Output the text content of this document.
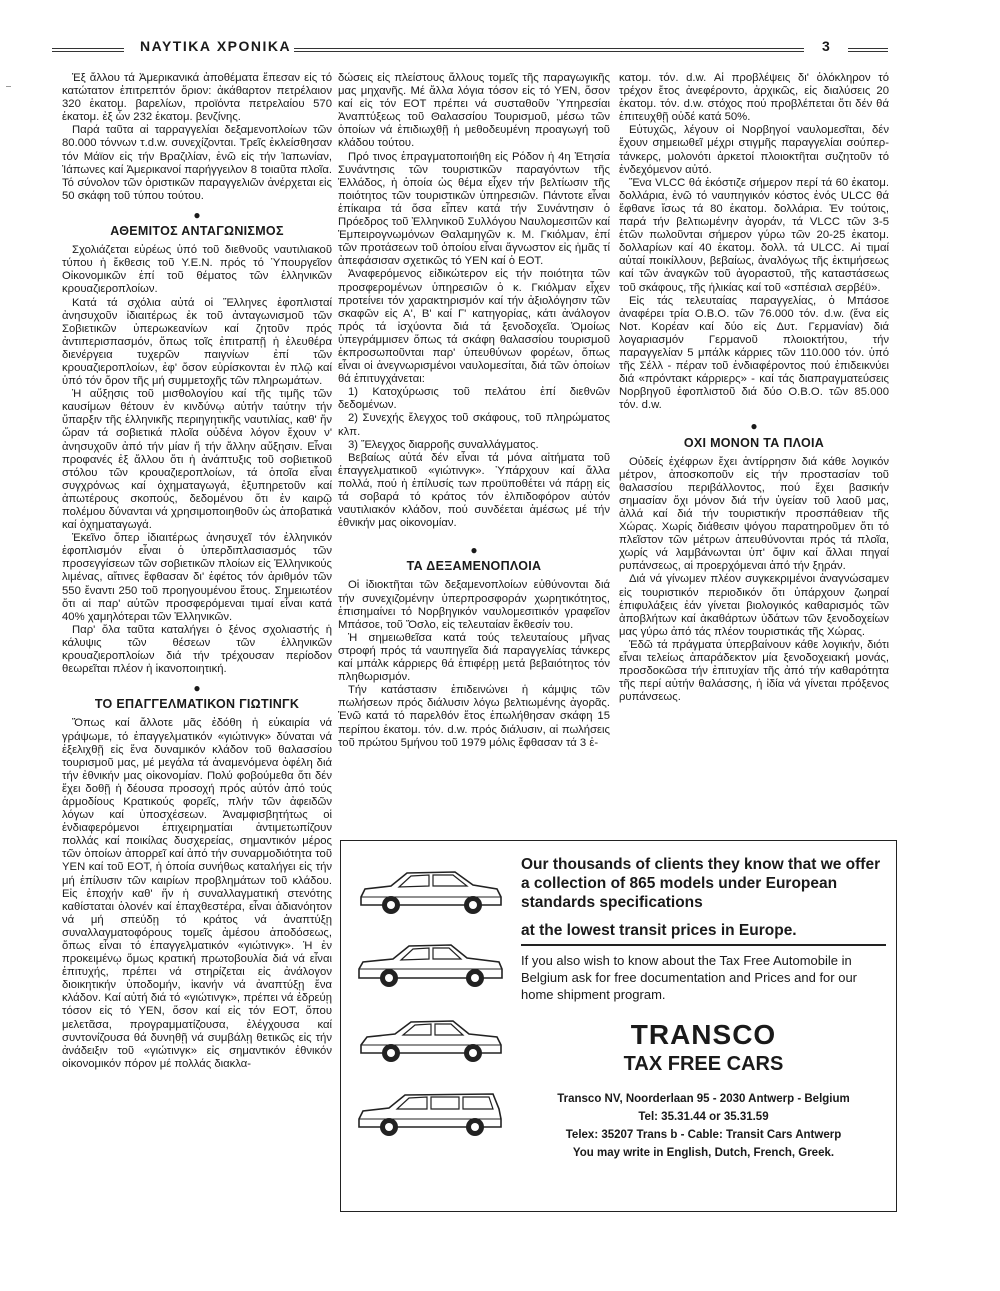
ΝΑΥΤΙΚΑ ΧΡΟΝΙΚΑ	3

Ἐξ ἄλλου τά Ἀμερικανικά ἀποθέματα ἔπεσαν εἰς τό κατώτατον ἐπιτρεπτόν ὅριον: ἀκάθαρτον πετρέλαιον 320 ἑκατομ. βαρελίων, προϊόντα πετρελαίου 570 ἑκατομ. ἐξ ὧν 232 ἑκατομ. βενζίνης.

Παρά ταῦτα αἱ ταρραγγελίαι δεξαμενοπλοίων τῶν 80.000 τόννων τ.d.w. συνεχίζονται. Τρεῖς ἐκλείσθησαν τόν Μάϊον εἰς τήν Βραζιλίαν, ἐνῶ εἰς τήν Ἰαπωνίαν, Ἰάπωνες καί Ἀμερικανοί παρήγγειλον 8 τοιαῦτα πλοῖα. Τό σύνολον τῶν ὁριστικῶν παραγγελιῶν ἀνέρχεται εἰς 50 σκάφη τοῦ τύπου τούτου.

●
ΑΘΕΜΙΤΟΣ ΑΝΤΑΓΩΝΙΣΜΟΣ

Σχολιάζεται εὐρέως ὑπό τοῦ διεθνοῦς ναυτιλιακοῦ τύπου ἡ ἔκθεσις τοῦ Υ.Ε.Ν. πρός τό Ὑπουργεῖον Οἰκονομικῶν ἐπί τοῦ θέματος τῶν ἑλληνικῶν κρουαζιεροπλοίων.

Κατά τά σχόλια αὐτά οἱ Ἕλληνες ἐφοπλισταί ἀνησυχοῦν ἰδιαιτέρως ἐκ τοῦ ἀνταγωνισμοῦ τῶν Σοβιετικῶν ὑπερωκεανίων καί ζητοῦν πρός ἀντιπερισπασμόν, ὅπως τοῖς ἐπιτραπῇ ἡ ἐλευθέρα διενέργεια τυχερῶν παιγνίων ἐπί τῶν κρουαζιεροπλοίων, ἐφ' ὅσον εὑρίσκονται ἐν πλῷ καί ὑπό τόν ὅρον τῆς μή συμμετοχῆς τῶν πληρωμάτων.

Ἡ αὔξησις τοῦ μισθολογίου καί τῆς τιμῆς τῶν καυσίμων θέτουν ἐν κινδύνῳ αὐτήν ταύτην τήν ὕπαρξιν τῆς ἑλληνικῆς περιηγητικῆς ναυτιλίας, καθ' ἥν ὥραν τά σοβιετικά πλοῖα οὐδένα λόγον ἔχουν ν' ἀνησυχοῦν ἀπό τήν μίαν ἤ τήν ἄλλην αὔξησιν. Εἶναι προφανές ἐξ ἄλλου ὅτι ἡ ἀνάπτυξις τοῦ σοβιετικοῦ στόλου τῶν κρουαζιεροπλοίων, τά ὁποῖα εἶναι συγχρόνως καί ὀχηματαγωγά, ἐξυπηρετοῦν καί ἀπωτέρους σκοπούς, δεδομένου ὅτι ἐν καιρῷ πολέμου δύνανται νά χρησιμοποιηθοῦν ὡς ἀποβατικά καί ὀχηματαγωγά.

Ἐκεῖνο ὅπερ ἰδιαιτέρως ἀνησυχεῖ τόν ἑλληνικόν ἐφοπλισμόν εἶναι ὁ ὑπερδιπλασιασμός τῶν προσεγγίσεων τῶν σοβιετικῶν πλοίων εἰς Ἑλληνικούς λιμένας, αἵτινες ἔφθασαν δι' ἐφέτος τόν ἀριθμόν τῶν 550 ἔναντι 250 τοῦ προηγουμένου ἔτους. Σημειωτέον ὅτι αἱ παρ' αὐτῶν προσφερόμεναι τιμαί εἶναι κατά 40% χαμηλότεραι τῶν Ἑλληνικῶν.

Παρ' ὅλα ταῦτα καταλήγει ὁ ξένος σχολιαστής ἡ κάλυψις τῶν θέσεων τῶν ἑλληνικῶν κρουαζιεροπλοίων διά τήν τρέχουσαν περίοδον θεωρεῖται πλέον ἡ ἱκανοποιητική.

●
ΤΟ ΕΠΑΓΓΕΛΜΑΤΙΚΟΝ ΓΙΩΤΙΝΓΚ

Ὅπως καί ἄλλοτε μᾶς ἐδόθη ἡ εὐκαιρία νά γράψωμε, τό ἐπαγγελματικόν «γιώτινγκ» δύναται νά ἐξελιχθῇ εἰς ἕνα δυναμικόν κλάδον τοῦ θαλασσίου τουρισμοῦ μας, μέ μεγάλα τά ἀναμενόμενα ὀφέλη διά τήν ἐθνικήν μας οἰκονομίαν. Πολύ φοβούμεθα ὅτι δέν ἔχει δοθῇ ἡ δέουσα προσοχή πρός αὐτόν ἀπό τούς ἁρμοδίους Κρατικούς φορεῖς, πλήν τῶν ἀφειδῶν λόγων καί ὑποσχέσεων. Ἀναμφισβητήτως οἱ ἐνδιαφερόμενοι ἐπιχειρηματίαι ἀντιμετωπίζουν πολλάς καί ποικίλας δυσχερείας, σημαντικόν μέρος τῶν ὁποίων ἀπορρεῖ καί ἀπό τήν συναρμοδιότητα τοῦ ΥΕΝ καί τοῦ ΕΟΤ, ἡ ὁποία συνήθως καταλήγει εἰς τήν μή ἐπίλυσιν τῶν καιρίων προβλημάτων τοῦ κλάδου. Εἰς ἐποχήν καθ' ἥν ἡ συναλλαγματική στενότης καθίσταται ὁλονέν καί ἐπαχθεστέρα, εἶναι ἀδιανόητον νά μή σπεύδῃ τό κράτος νά ἀναπτύξῃ συναλλαγματοφόρους τομεῖς ἀμέσου ἀποδόσεως, ὅπως εἶναι τό ἐπαγγελματικόν «γιώτινγκ». Ἡ ἐν προκειμένῳ ὅμως κρατική πρωτοβουλία διά νά εἶναι ἐπιτυχής, πρέπει νά στηρίζεται εἰς ἀνάλογον διοικητικήν ὑποδομήν, ἱκανήν νά ἀναπτύξῃ ἕνα κλάδον. Καί αὐτή διά τό «γιώτινγκ», πρέπει νά ἑδρεύῃ τόσον εἰς τό ΥΕΝ, ὅσον καί εἰς τόν ΕΟΤ, ὅπου μελετᾶσα, προγραμματίζουσα, ἐλέγχουσα καί συντονίζουσα θά δυνηθῇ νά συμβάλῃ θετικῶς εἰς τήν ἀνάδειξιν τοῦ «γιώτινγκ» εἰς σημαντικόν ἐθνικόν οἰκονομικόν πόρον μέ πολλάς διακλα-

δώσεις εἰς πλείστους ἄλλους τομεῖς τῆς παραγωγικῆς μας μηχανῆς. Μέ ἄλλα λόγια τόσον εἰς τό ΥΕΝ, ὅσον καί εἰς τόν ΕΟΤ πρέπει νά συσταθοῦν Ὑπηρεσίαι Ἀναπτύξεως τοῦ Θαλασσίου Τουρισμοῦ, μέσω τῶν ὁποίων νά ἐπιδιωχθῇ ἡ μεθοδευμένη προαγωγή τοῦ κλάδου τούτου.

Πρό τινος ἐπραγματοποιήθη εἰς Ρόδον ἡ 4η Ἐτησία Συνάντησις τῶν τουριστικῶν παραγόντων τῆς Ἑλλάδος, ἡ ὁποία ὡς θέμα εἶχεν τήν βελτίωσιν τῆς ποιότητος τῶν τουριστικῶν ὑπηρεσιῶν. Πάντοτε εἶναι ἐπίκαιρα τά ὅσα εἶπεν κατά τήν Συνάντησιν ὁ Πρόεδρος τοῦ Ἑλληνικοῦ Συλλόγου Ναυλομεσιτῶν καί Ἐμπειρογνωμόνων Θαλαμηγῶν κ. Μ. Γκιόλμαν, ἐπί τῶν προτάσεων τοῦ ὁποίου εἶναι ἄγνωστον εἰς ἡμᾶς τί ἀπεφάσισαν σχετικῶς τό ΥΕΝ καί ὁ ΕΟΤ.

Ἀναφερόμενος εἰδικώτερον εἰς τήν ποιότητα τῶν προσφερομένων ὑπηρεσιῶν ὁ κ. Γκιόλμαν εἶχεν προτείνει τόν χαρακτηρισμόν καί τήν ἀξιολόγησιν τῶν σκαφῶν εἰς Α', Β' καί Γ' κατηγορίας, κάτι ἀνάλογον πρός τά ἰσχύοντα διά τά ξενοδοχεῖα. Ὁμοίως ὑπεγράμμισεν ὅπως τά σκάφη θαλασσίου τουρισμοῦ ἐκπροσωποῦνται παρ' ὑπευθύνων φορέων, ὅπως εἶναι οἱ ἀνεγνωρισμένοι ναυλομεσίται, διά τῶν ὁποίων θά ἐπιτυγχάνεται:

1) Κατοχύρωσις τοῦ πελάτου ἐπί διεθνῶν δεδομένων.

2) Συνεχής ἔλεγχος τοῦ σκάφους, τοῦ πληρώματος κλπ.

3) Ἔλεγχος διαρροῆς συναλλάγματος.

Βεβαίως αὐτά δέν εἶναι τά μόνα αἰτήματα τοῦ ἐπαγγελματικοῦ «γιώτινγκ». Ὑπάρχουν καί ἄλλα πολλά, πού ἡ ἐπίλυσίς των προϋποθέτει νά πάρῃ εἰς τά σοβαρά τό κράτος τόν ἐλπιδοφόρον αὐτόν ναυτιλιακόν κλάδον, πού συνδέεται ἀμέσως μέ τήν ἐθνικήν μας οἰκονομίαν.

●
ΤΑ ΔΕΞΑΜΕΝΟΠΛΟΙΑ

Οἱ ἰδιοκτῆται τῶν δεξαμενοπλοίων εὐθύνονται διά τήν συνεχιζομένην ὑπερπροσφοράν χωρητικότητος, ἐπισημαίνει τό Νορβηγικόν ναυλομεσιτικόν γραφεῖον Μπάσοε, τοῦ Ὄσλο, εἰς τελευταίαν ἔκθεσίν του.

Ἡ σημειωθεῖσα κατά τούς τελευταίους μῆνας στροφή πρός τά ναυπηγεῖα διά παραγγελίας τάνκερς καί μπάλκ κάρριερς θά ἐπιφέρῃ μετά βεβαιότητος τόν πληθωρισμόν.

Τήν κατάστασιν ἐπιδεινώνει ἡ κάμψις τῶν πωλήσεων πρός διάλυσιν λόγω βελτιωμένης ἀγορᾶς. Ἐνῶ κατά τό παρελθόν ἔτος ἐπωλήθησαν σκάφη 15 περίπου ἑκατομ. τόν. d.w. πρός διάλυσιν, αἱ πωλήσεις τοῦ πρώτου 5μήνου τοῦ 1979 μόλις ἔφθασαν τά 3 ἑ-

κατομ. τόν. d.w. Αἱ προβλέψεις δι' ὁλόκληρον τό τρέχον ἔτος ἀνεφέροντο, ἀρχικῶς, εἰς διαλύσεις 20 ἑκατομ. τόν. d.w. στόχος πού προβλέπεται ὅτι δέν θά ἐπιτευχθῇ οὐδέ κατά 50%.

Εὐτυχῶς, λέγουν οἱ Νορβηγοί ναυλομεσῖται, δέν ἔχουν σημειωθεῖ μέχρι στιγμῆς παραγγελίαι σούπερ-τάνκερς, μολονότι ἀρκετοί πλοιοκτῆται συζητοῦν τό ἐνδεχόμενον αὐτό.

Ἕνα VLCC θά ἐκόστιζε σήμερον περί τά 60 ἑκατομ. δολλάρια, ἐνῶ τό ναυπηγικόν κόστος ἑνός ULCC θά ἔφθανε ἴσως τά 80 ἑκατομ. δολλάρια. Ἐν τούτοις, παρά τήν βελτιωμένην ἀγοράν, τά VLCC τῶν 3-5 ἐτῶν πωλοῦνται σήμερον γύρω τῶν 20-25 ἑκατομ. δολλαρίων καί 40 ἑκατομ. δολλ. τά ULCC. Αἱ τιμαί αὐταί ποικίλλουν, βεβαίως, ἀναλόγως τῆς ἐκτιμήσεως καί τῶν ἀναγκῶν τοῦ ἀγοραστοῦ, τῆς καταστάσεως τοῦ σκάφους, τῆς ἡλικίας καί τοῦ «σπέσιαλ σερβέϋ».

Εἰς τάς τελευταίας παραγγελίας, ὁ Μπάσοε ἀναφέρει τρία Ο.Β.Ο. τῶν 76.000 τόν. d.w. (ἕνα εἰς Νοτ. Κορέαν καί δύο εἰς Δυτ. Γερμανίαν) διά λογαριασμόν Γερμανοῦ πλοιοκτήτου, τήν παραγγελίαν 5 μπάλκ κάρριες τῶν 110.000 τόν. ὑπό τῆς Σέλλ - πέραν τοῦ ἐνδιαφέροντος πού ἐπιδεικνύει διά «πρόντακτ κάρριερς» - καί τάς διαπραγματεύσεις Νορβηγοῦ ἐφοπλιστοῦ διά δύο Ο.Β.Ο. τῶν 85.000 τόν. d.w.

●
ΟΧΙ ΜΟΝΟΝ ΤΑ ΠΛΟΙΑ

Οὐδείς ἐχέφρων ἔχει ἀντίρρησιν διά κάθε λογικόν μέτρον, ἀποσκοποῦν εἰς τήν προστασίαν τοῦ θαλασσίου περιβάλλοντος, πού ἔχει βασικήν σημασίαν ὄχι μόνον διά τήν ὑγείαν τοῦ λαοῦ μας, ἀλλά καί διά τήν τουριστικήν προσπάθειαν τῆς Χώρας. Χωρίς διάθεσιν ψόγου παρατηροῦμεν ὅτι τό πλεῖστον τῶν μέτρων ἀπευθύνονται πρός τά πλοῖα, χωρίς νά λαμβάνωνται ὑπ' ὄψιν καί ἄλλαι πηγαί ρυπάνσεως, αἱ προερχόμεναι ἀπό τήν ξηράν.

Διά νά γίνωμεν πλέον συγκεκριμένοι ἀναγνώσαμεν εἰς τουριστικόν περιοδικόν ὅτι ὑπάρχουν ζωηραί ἐπιφυλάξεις ἐάν γίνεται βιολογικός καθαρισμός τῶν ἀποβλήτων καί ἀκαθάρτων ὑδάτων τῶν ξενοδοχείων μας γύρω ἀπό τάς πλέον τουριστικάς τῆς Χώρας.

Ἐδῶ τά πράγματα ὑπερβαίνουν κάθε λογικήν, διότι εἶναι τελείως ἀπαράδεκτον μία ξενοδοχειακή μονάς, προσδοκῶσα τήν ἐπιτυχίαν τῆς ἀπό τήν καθαρότητα τῆς περί αὐτήν θαλάσσης, ἡ ἰδία νά γίνεται πρόξενος ρυπάνσεως.

Our thousands of clients they know that we offer a collection of 865 models under European standards specifications

at the lowest transit prices in Europe.

If you also wish to know about the Tax Free Automobile in Belgium ask for free documentation and Prices and for our home shipment program.

TRANSCO
TAX FREE CARS
Transco NV, Noorderlaan 95 - 2030 Antwerp - Belgium
Tel: 35.31.44 or 35.31.59
Telex: 35207 Trans b - Cable: Transit Cars Antwerp
You may write in English, Dutch, French, Greek.
